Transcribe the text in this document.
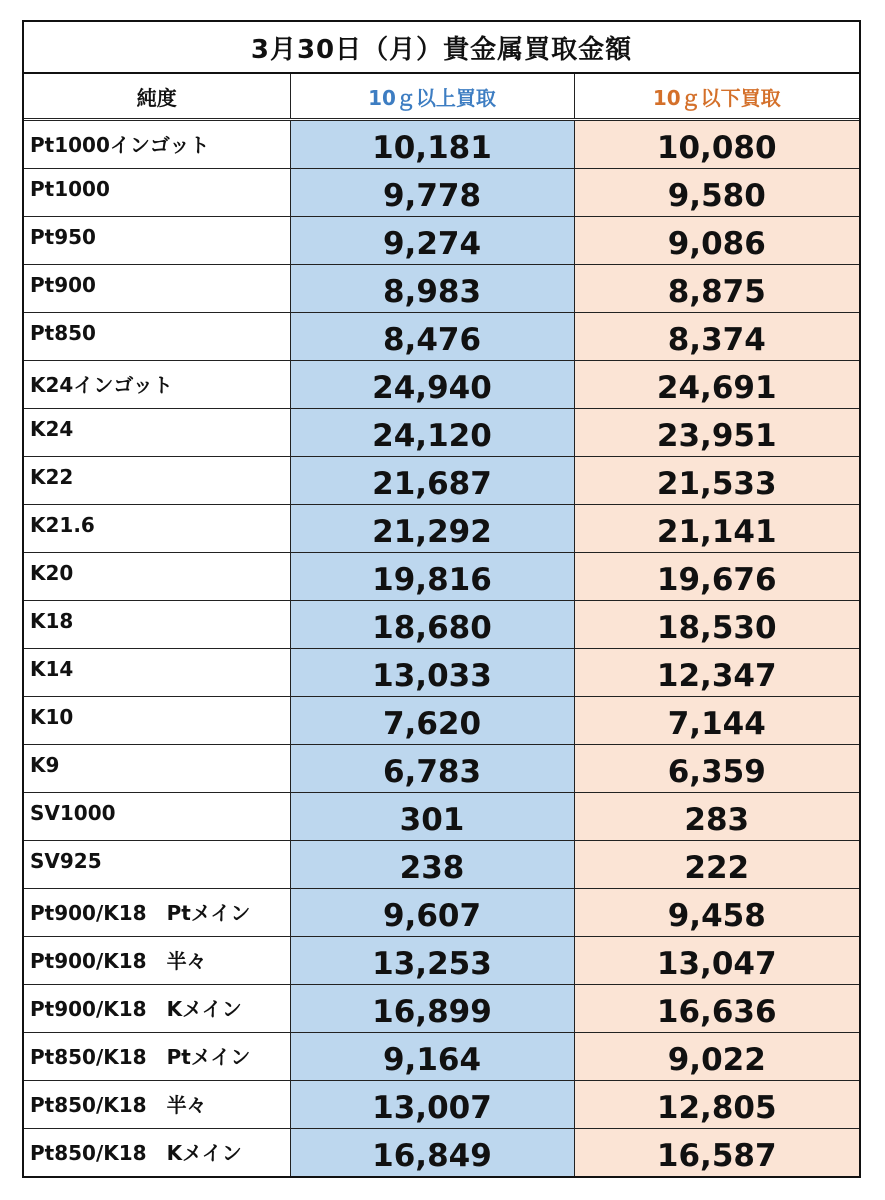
3月30日（月）貴金属買取金額
純度	10ｇ以上買取	10ｇ以下買取
Pt1000インゴット	10,181	10,080
Pt1000	9,778	9,580
Pt950	9,274	9,086
Pt900	8,983	8,875
Pt850	8,476	8,374
K24インゴット	24,940	24,691
K24	24,120	23,951
K22	21,687	21,533
K21.6	21,292	21,141
K20	19,816	19,676
K18	18,680	18,530
K14	13,033	12,347
K10	7,620	7,144
K9	6,783	6,359
SV1000	301	283
SV925	238	222
Pt900/K18　Ptメイン	9,607	9,458
Pt900/K18　半々	13,253	13,047
Pt900/K18　Kメイン	16,899	16,636
Pt850/K18　Ptメイン	9,164	9,022
Pt850/K18　半々	13,007	12,805
Pt850/K18　Kメイン	16,849	16,587
